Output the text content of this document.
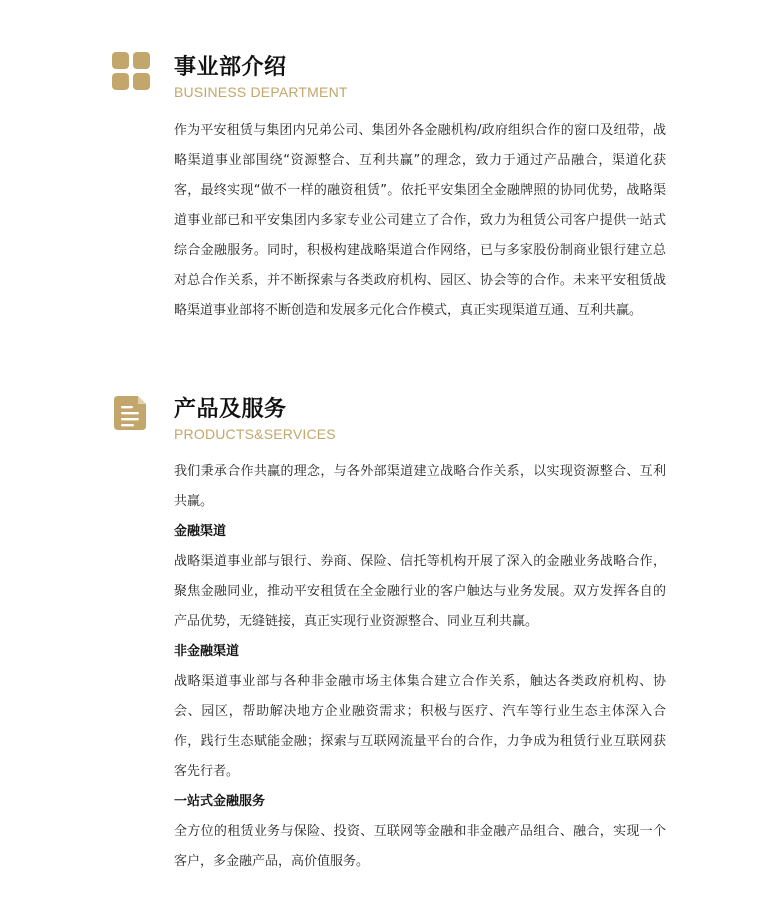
事业部介绍
BUSINESS DEPARTMENT

作为平安租赁与集团内兄弟公司、集团外各金融机构/政府组织合作的窗口及纽带，战略渠道事业部围绕“资源整合、互利共赢”的理念，致力于通过产品融合，渠道化获客，最终实现“做不一样的融资租赁”。依托平安集团全金融牌照的协同优势，战略渠道事业部已和平安集团内多家专业公司建立了合作，致力为租赁公司客户提供一站式综合金融服务。同时，积极构建战略渠道合作网络，已与多家股份制商业银行建立总对总合作关系，并不断探索与各类政府机构、园区、协会等的合作。未来平安租赁战略渠道事业部将不断创造和发展多元化合作模式，真正实现渠道互通、互利共赢。

产品及服务
PRODUCTS&SERVICES

我们秉承合作共赢的理念，与各外部渠道建立战略合作关系，以实现资源整合、互利共赢。

金融渠道

战略渠道事业部与银行、券商、保险、信托等机构开展了深入的金融业务战略合作，聚焦金融同业，推动平安租赁在全金融行业的客户触达与业务发展。双方发挥各自的产品优势，无缝链接，真正实现行业资源整合、同业互利共赢。

非金融渠道

战略渠道事业部与各种非金融市场主体集合建立合作关系，触达各类政府机构、协会、园区，帮助解决地方企业融资需求；积极与医疗、汽车等行业生态主体深入合作，践行生态赋能金融；探索与互联网流量平台的合作，力争成为租赁行业互联网获客先行者。

一站式金融服务

全方位的租赁业务与保险、投资、互联网等金融和非金融产品组合、融合，实现一个客户，多金融产品，高价值服务。
